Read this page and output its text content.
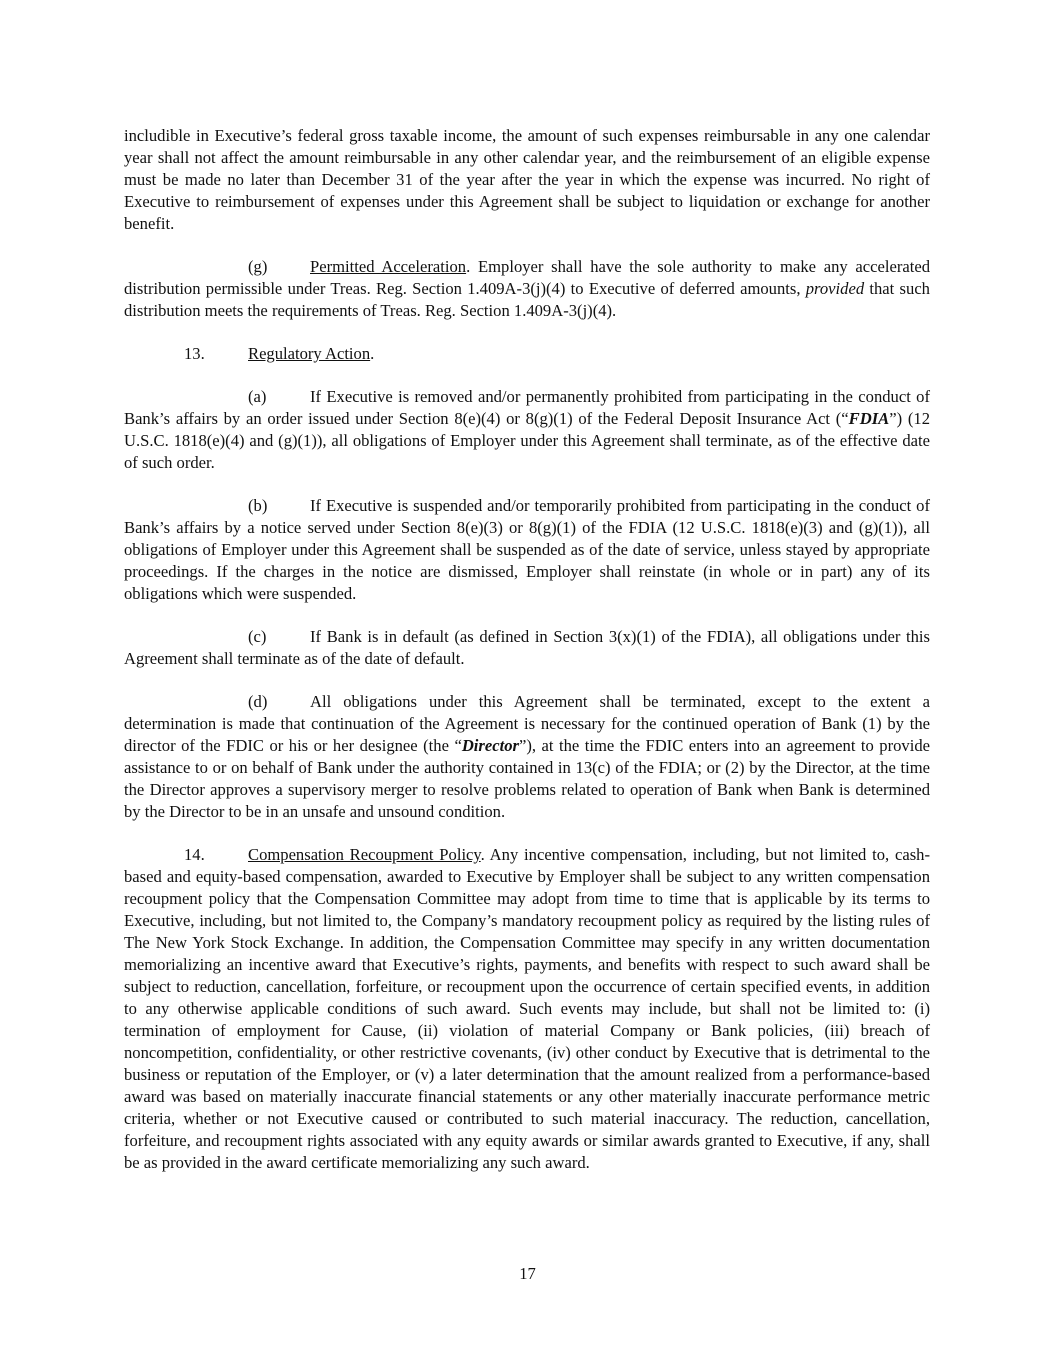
includible in Executive’s federal gross taxable income, the amount of such expenses reimbursable in any one calendar year shall not affect the amount reimbursable in any other calendar year, and the reimbursement of an eligible expense must be made no later than December 31 of the year after the year in which the expense was incurred. No right of Executive to reimbursement of expenses under this Agreement shall be subject to liquidation or exchange for another benefit.

(g)	Permitted Acceleration. Employer shall have the sole authority to make any accelerated distribution permissible under Treas. Reg. Section 1.409A-3(j)(4) to Executive of deferred amounts, provided that such distribution meets the requirements of Treas. Reg. Section 1.409A-3(j)(4).

13.	Regulatory Action.

(a)	If Executive is removed and/or permanently prohibited from participating in the conduct of Bank’s affairs by an order issued under Section 8(e)(4) or 8(g)(1) of the Federal Deposit Insurance Act (“FDIA”) (12 U.S.C. 1818(e)(4) and (g)(1)), all obligations of Employer under this Agreement shall terminate, as of the effective date of such order.

(b)	If Executive is suspended and/or temporarily prohibited from participating in the conduct of Bank’s affairs by a notice served under Section 8(e)(3) or 8(g)(1) of the FDIA (12 U.S.C. 1818(e)(3) and (g)(1)), all obligations of Employer under this Agreement shall be suspended as of the date of service, unless stayed by appropriate proceedings. If the charges in the notice are dismissed, Employer shall reinstate (in whole or in part) any of its obligations which were suspended.

(c)	If Bank is in default (as defined in Section 3(x)(1) of the FDIA), all obligations under this Agreement shall terminate as of the date of default.

(d)	All obligations under this Agreement shall be terminated, except to the extent a determination is made that continuation of the Agreement is necessary for the continued operation of Bank (1) by the director of the FDIC or his or her designee (the “Director”), at the time the FDIC enters into an agreement to provide assistance to or on behalf of Bank under the authority contained in 13(c) of the FDIA; or (2) by the Director, at the time the Director approves a supervisory merger to resolve problems related to operation of Bank when Bank is determined by the Director to be in an unsafe and unsound condition.

14.	Compensation Recoupment Policy. Any incentive compensation, including, but not limited to, cash-based and equity-based compensation, awarded to Executive by Employer shall be subject to any written compensation recoupment policy that the Compensation Committee may adopt from time to time that is applicable by its terms to Executive, including, but not limited to, the Company’s mandatory recoupment policy as required by the listing rules of The New York Stock Exchange. In addition, the Compensation Committee may specify in any written documentation memorializing an incentive award that Executive’s rights, payments, and benefits with respect to such award shall be subject to reduction, cancellation, forfeiture, or recoupment upon the occurrence of certain specified events, in addition to any otherwise applicable conditions of such award. Such events may include, but shall not be limited to: (i) termination of employment for Cause, (ii) violation of material Company or Bank policies, (iii) breach of noncompetition, confidentiality, or other restrictive covenants, (iv) other conduct by Executive that is detrimental to the business or reputation of the Employer, or (v) a later determination that the amount realized from a performance-based award was based on materially inaccurate financial statements or any other materially inaccurate performance metric criteria, whether or not Executive caused or contributed to such material inaccuracy. The reduction, cancellation, forfeiture, and recoupment rights associated with any equity awards or similar awards granted to Executive, if any, shall be as provided in the award certificate memorializing any such award.

17
